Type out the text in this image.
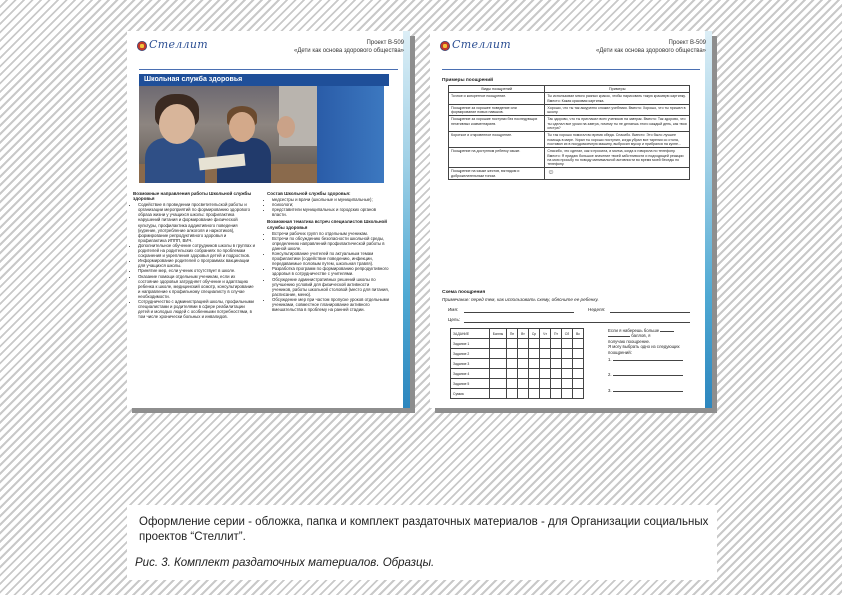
Стеллит	Проект В-509
«Дети как основа здорового общества»
Школьная служба здоровья
Возможные направления работы Школьной службы здоровья
• Содействие в проведении просветительской работы и организации мероприятий по формированию здорового образа жизни у учащихся школы: профилактика нарушений питания и формирование физической культуры, профилактика аддиктивного поведения (курение, употребление алкоголя и наркотиков), формирование репродуктивного здоровья и профилактика ИППП, ВИЧ.
• Дополнительное обучение сотрудников школы в группах и родителей на родительских собраниях по проблемам сохранения и укрепления здоровья детей и подростков.
• Информирование родителей о программах вакцинации для учащихся школы.
• Принятие мер, если ученик отсутствует в школе.
• Оказание помощи отдельным ученикам, если их состояние здоровья затрудняет обучение и адаптацию ребенка к школе, медицинский осмотр, консультирование и направление к профильному специалисту в случае необходимости.
• Сотрудничество с администрацией школы, профильными специалистами и родителями в сфере реабилитации детей и молодых людей с особенными потребностями, в том числе хронически больных и инвалидов.
Состав Школьной службы здоровья:
• медсестры и врачи (школьные и муниципальные);
• психологи;
• представители муниципальных и городских органов власти.
Возможная тематика встреч специалистов Школьной службы здоровья
• Встречи рабочих групп по отдельным ученикам.
• Встречи по обсуждению безопасности школьной среды, определению направлений профилактической работы в данной школе.
• Консультирование учителей по актуальным темам профилактики (содействие поведению, инфекции, передаваемые половым путем, школьная травля).
• Разработка программ по формированию репродуктивного здоровья в сотрудничестве с учителями.
• Обсуждение административных решений школы по улучшению условий для физической активности учеников, работы школьной столовой (место для питания, расписание, меню).
• Обсуждение мер при частом пропуске уроков отдельными учениками, совместное планирование активного вмешательства в проблему на ранней стадии.
Стеллит	Проект В-509
«Дети как основа здорового общества»
Примеры поощрений
Виды поощрений	Примеры
Точное и конкретное поощрение.	Ты использовал много разных красок, чтобы нарисовать такую красивую картинку. Вместо: Какая красивая картинка.
Поощрение за хорошее поведение или формирование новых навыков.	Хорошо, что ты так аккуратно сложил учебники. Вместо: Хорошо, что ты пришел в школу.
Поощрение за хорошие поступки без последующих негативных комментариев.	Так здорово, что ты пригласил всех учеников на завтрак. Вместо: Так здорово, что ты сделал все уроки на завтра, почему ты не делаешь этого каждый день, как твоя сестра?
Короткое и откровенное поощрение.	Ты так хорошо помогал во время обеда. Спасибо. Вместо: Это было лучшее помощь в мире. Украл ты хорошо поступил, когда убрал все тарелки со стола, поставил их в посудомоечную машину, выбросил мусор и прибрался на кухне...
Поощрение на доступном ребенку языке.	Спасибо, что сделал, как я просила, и молча, когда я говорила по телефону. Вместо: Я придаю большое значение твоей заботливости и подходящей реакции на мою просьбу по поводу минимальной активности во время моей беседы по телефону.
Поощрение на языке жестов, взглядом и доброжелательным тоном.	☺
Схема поощрения
Примечание: перед тем, как использовать схему, обясните ее ребенку.
Имя:	Неделя:
Цель:
ЗАДАНИЕ	Баллы	Пн	Вт	Ср	Чт	Пт	Сб	Вс
Задание 1								
Задание 2								
Задание 3								
Задание 4								
Задание 5								
Сумма								
Если я наберешь больше
баллов, я
получаю поощрение.
Я могу выбрать одно из следующих поощрений:
1.
2.
3.
Оформление серии - обложка, папка и комплект раздаточных материалов - для Организации социальных проектов “Стеллит”.
Рис. 3. Комплект раздаточных материалов. Образцы.
